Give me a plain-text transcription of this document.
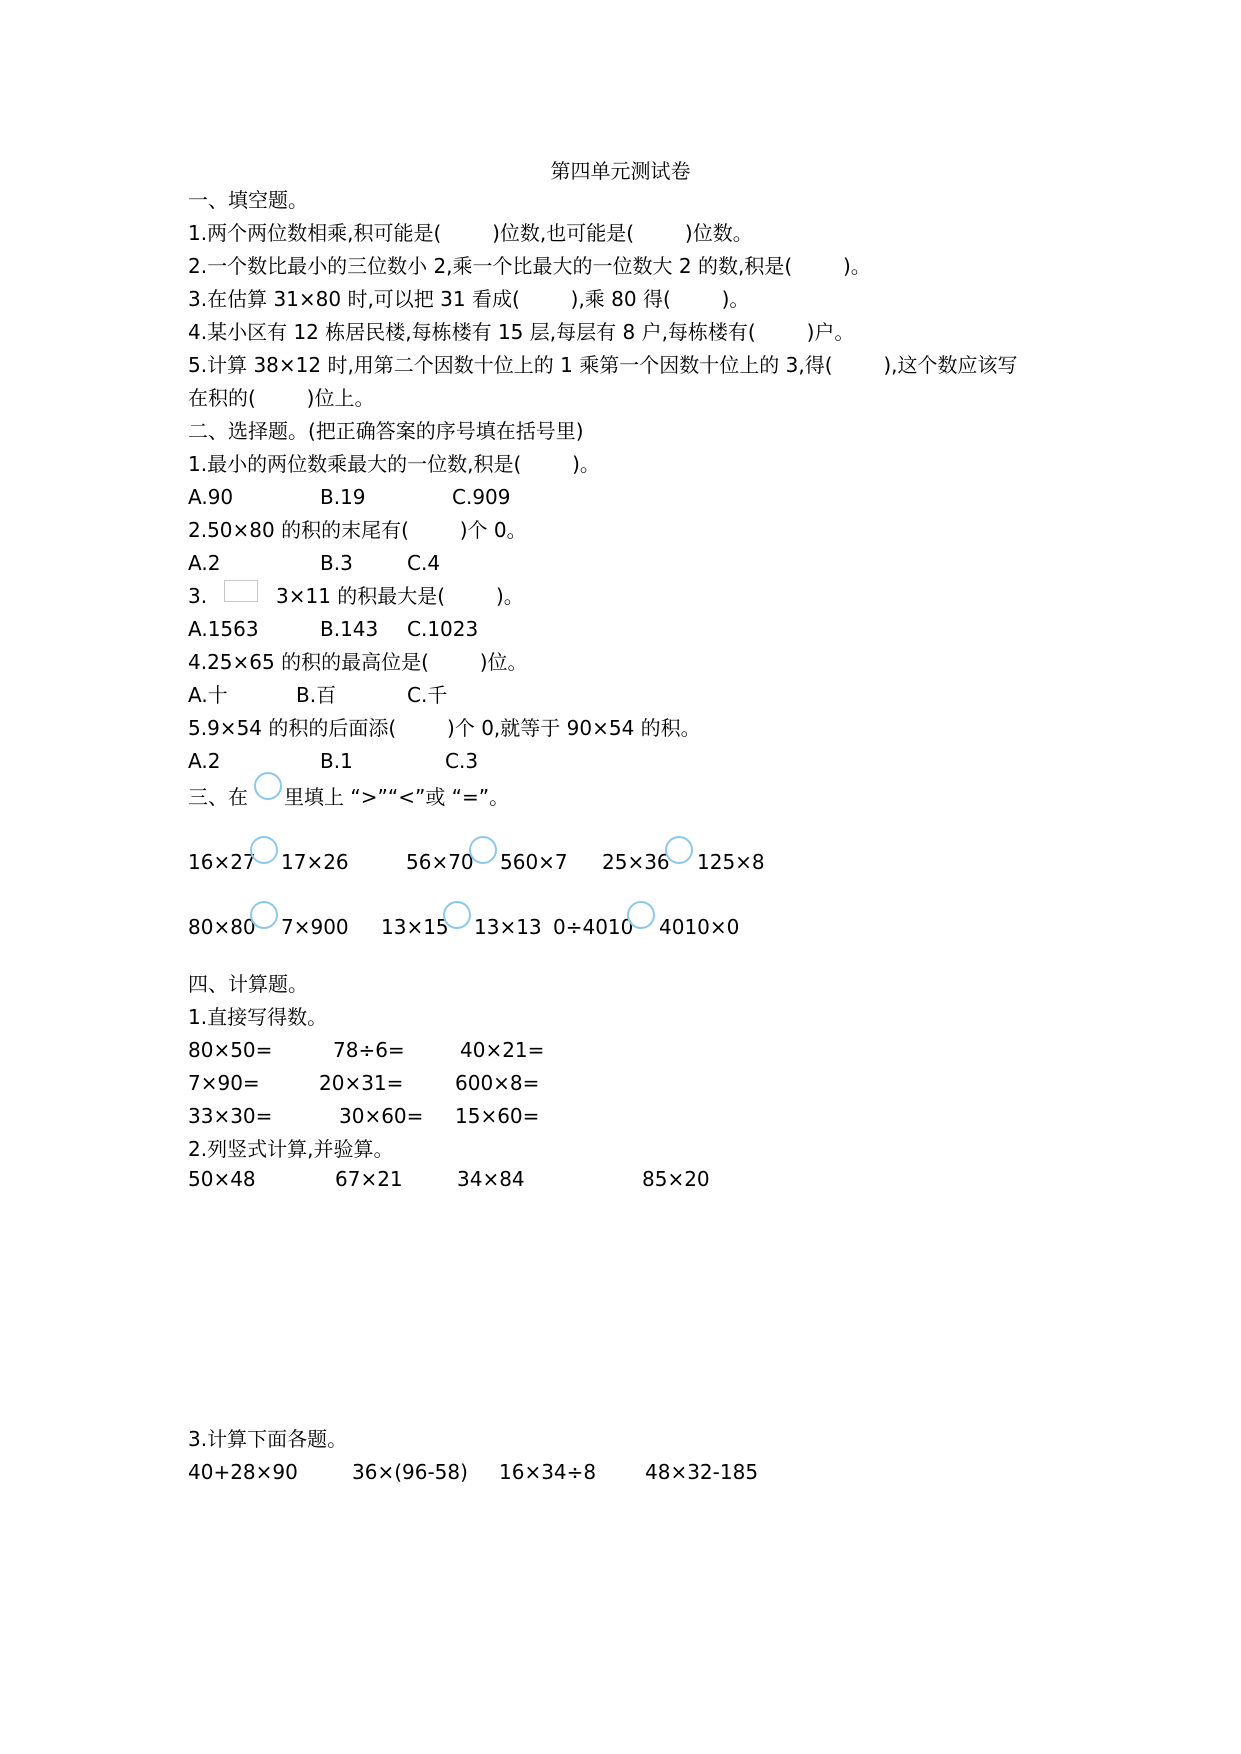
第四单元测试卷
一、填空题。
1.两个两位数相乘,积可能是(        )位数,也可能是(        )位数。
2.一个数比最小的三位数小 2,乘一个比最大的一位数大 2 的数,积是(        )。
3.在估算 31×80 时,可以把 31 看成(        ),乘 80 得(        )。
4.某小区有 12 栋居民楼,每栋楼有 15 层,每层有 8 户,每栋楼有(        )户。
5.计算 38×12 时,用第二个因数十位上的 1 乘第一个因数十位上的 3,得(        ),这个数应该写
在积的(        )位上。
二、选择题。(把正确答案的序号填在括号里)
1.最小的两位数乘最大的一位数,积是(        )。
A.90	B.19	C.909
2.50×80 的积的末尾有(        )个 0。
A.2	B.3	C.4
3.	3×11 的积最大是(        )。
A.1563	B.143 C.1023
4.25×65 的积的最高位是(        )位。
A.十	B.百	C.千
5.9×54 的积的后面添(        )个 0,就等于 90×54 的积。
A.2	B.1	C.3
三、在 里填上 “>”“<”或 “=”。
16×27 17×26	56×70 560×7 25×36 125×8
80×80 7×900 13×15 13×13 0÷4010 4010×0
四、计算题。
1.直接写得数。
80×50=	78÷6=	40×21=
7×90=	20×31=	600×8=
33×30=	30×60= 15×60=
2.列竖式计算,并验算。
50×48	67×21	34×84	85×20
3.计算下面各题。
40+28×90	36×(96-58) 16×34÷8 48×32-185
